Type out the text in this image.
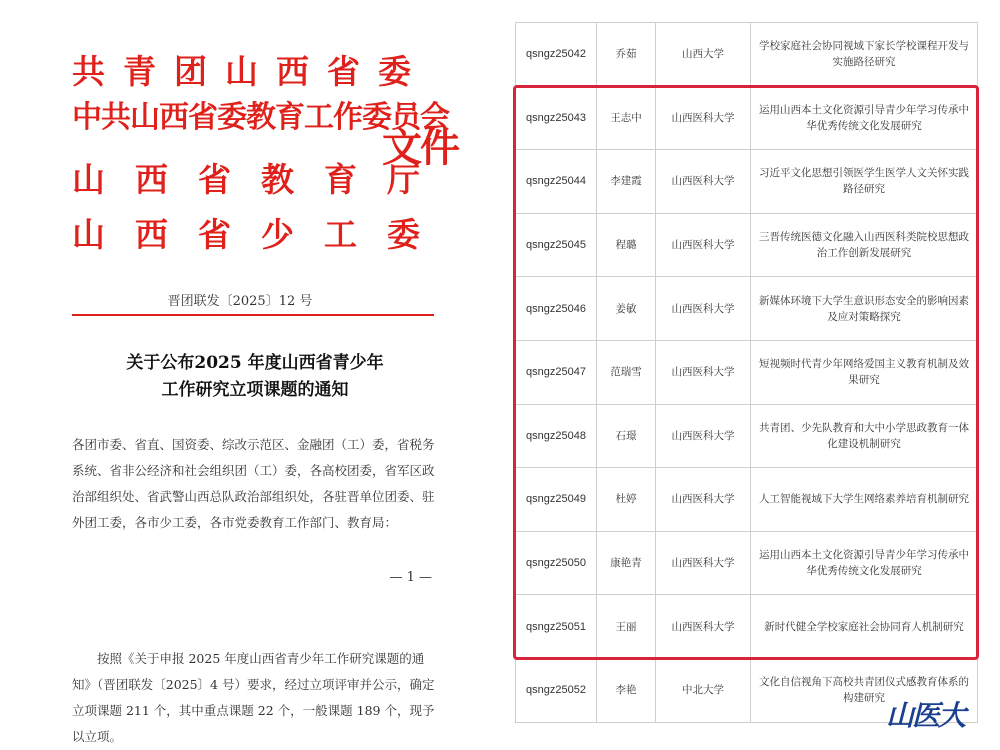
共青团山西省委
中共山西省委教育工作委员会
山西省教育厅
山西省少工委
文件
晋团联发〔2025〕12 号
关于公布2025 年度山西省青少年
工作研究立项课题的通知
各团市委、省直、国资委、综改示范区、金融团（工）委，省税务系统、省非公经济和社会组织团（工）委，各高校团委，省军区政治部组织处、省武警山西总队政治部组织处，各驻晋单位团委、驻外团工委，各市少工委，各市党委教育工作部门、教育局：
— 1 —
按照《关于申报 2025 年度山西省青少年工作研究课题的通知》（晋团联发〔2025〕4 号）要求，经过立项评审并公示，确定立项课题 211 个，其中重点课题 22 个，一般课题 189 个，现予以立项。
qsngz25042	乔茹	山西大学	学校家庭社会协同视域下家长学校课程开发与实施路径研究
qsngz25043	王志中	山西医科大学	运用山西本土文化资源引导青少年学习传承中华优秀传统文化发展研究
qsngz25044	李建霞	山西医科大学	习近平文化思想引领医学生医学人文关怀实践路径研究
qsngz25045	程璐	山西医科大学	三晋传统医德文化融入山西医科类院校思想政治工作创新发展研究
qsngz25046	姜敏	山西医科大学	新媒体环境下大学生意识形态安全的影响因素及应对策略探究
qsngz25047	范瑞雪	山西医科大学	短视频时代青少年网络爱国主义教育机制及效果研究
qsngz25048	石璟	山西医科大学	共青团、少先队教育和大中小学思政教育一体化建设机制研究
qsngz25049	杜婷	山西医科大学	人工智能视域下大学生网络素养培育机制研究
qsngz25050	康艳青	山西医科大学	运用山西本土文化资源引导青少年学习传承中华优秀传统文化发展研究
qsngz25051	王丽	山西医科大学	新时代健全学校家庭社会协同育人机制研究
qsngz25052	李艳	中北大学	文化自信视角下高校共青团仪式感教育体系的构建研究
山医大
